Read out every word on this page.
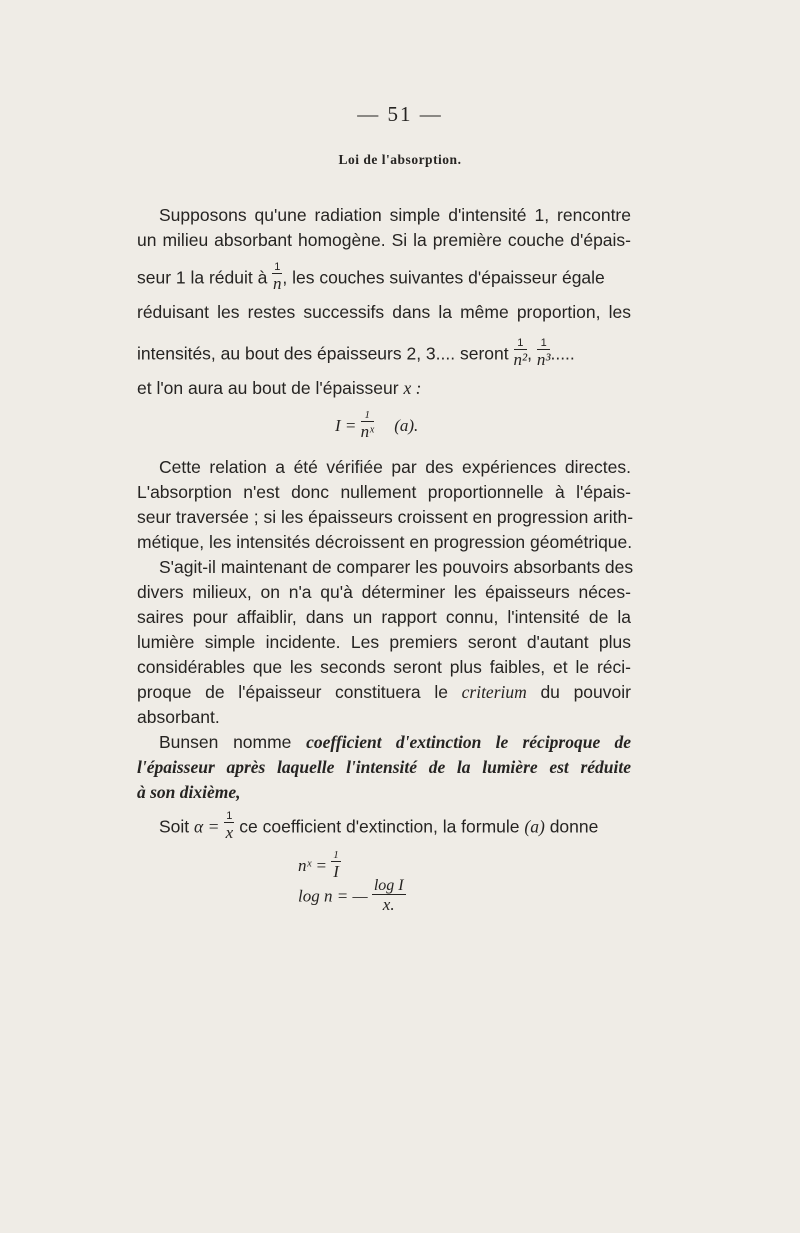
— 51 —
Loi de l'absorption.
Supposons qu'une radiation simple d'intensité 1, rencontre
un milieu absorbant homogène. Si la première couche d'épais-
seur 1 la réduit à $\frac{1}{n}$ , les couches suivantes d'épaisseur égale
réduisant les restes successifs dans la même proportion, les
intensités, au bout des épaisseurs 2, 3.... seront $\frac{1}{\text{n²}}$ , $\frac{1}{\text{n³}}$ .....
et l'on aura au bout de l'épaisseur x :
$I = \frac{1}{\text{nˣ}} (a)$.
Cette relation a été vérifiée par des expériences directes.
L'absorption n'est donc nullement proportionnelle à l'épais-
seur traversée ; si les épaisseurs croissent en progression arith-
métique, les intensités décroissent en progression géométrique.
S'agit-il maintenant de comparer les pouvoirs absorbants des
divers milieux, on n'a qu'à déterminer les épaisseurs néces-
saires pour affaiblir, dans un rapport connu, l'intensité de la
lumière simple incidente. Les premiers seront d'autant plus
considérables que les seconds seront plus faibles, et le réci-
proque de l'épaisseur constituera le criterium du pouvoir
absorbant.
Bunsen nomme coefficient d'extinction le réciproque de
l'épaisseur après laquelle l'intensité de la lumière est réduite
à son dixième,
Soit $\alpha = \frac{1}{x}$ ce coefficient d'extinction, la formule (a) donne
nˣ = $\frac{1}{I}$
log n = — $\frac{\text{log I}}{x.}$
